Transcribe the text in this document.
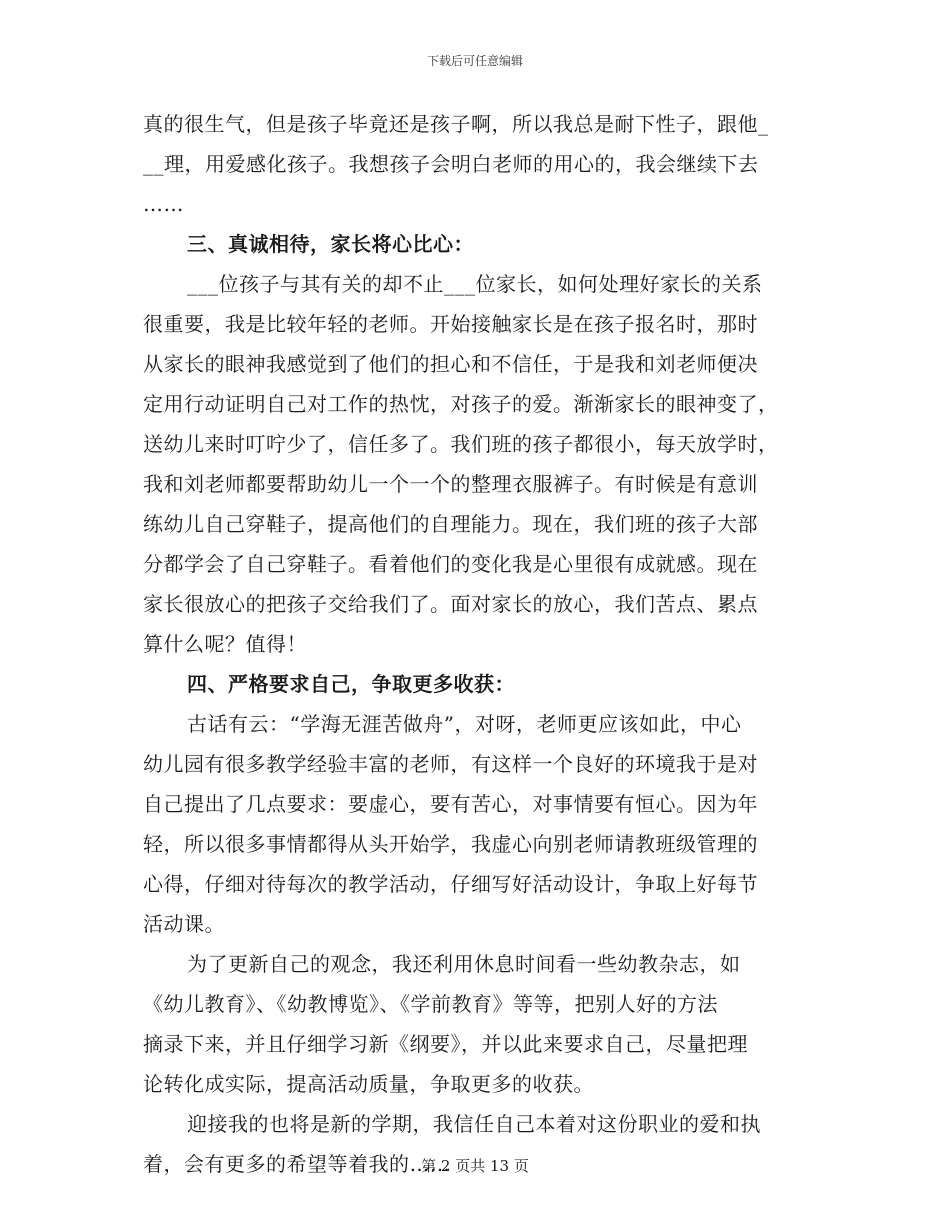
下载后可任意编辑
真的很生气，但是孩子毕竟还是孩子啊，所以我总是耐下性子，跟他_
__理，用爱感化孩子。我想孩子会明白老师的用心的，我会继续下去
……
三、真诚相待，家长将心比心：
___位孩子与其有关的却不止___位家长，如何处理好家长的关系
很重要，我是比较年轻的老师。开始接触家长是在孩子报名时，那时
从家长的眼神我感觉到了他们的担心和不信任，于是我和刘老师便决
定用行动证明自己对工作的热忱，对孩子的爱。渐渐家长的眼神变了，
送幼儿来时叮咛少了，信任多了。我们班的孩子都很小，每天放学时，
我和刘老师都要帮助幼儿一个一个的整理衣服裤子。有时候是有意训
练幼儿自己穿鞋子，提高他们的自理能力。现在，我们班的孩子大部
分都学会了自己穿鞋子。看着他们的变化我是心里很有成就感。现在
家长很放心的把孩子交给我们了。面对家长的放心，我们苦点、累点
算什么呢？值得！
四、严格要求自己，争取更多收获：
古话有云：“学海无涯苦做舟”，对呀，老师更应该如此，中心
幼儿园有很多教学经验丰富的老师，有这样一个良好的环境我于是对
自己提出了几点要求：要虚心，要有苦心，对事情要有恒心。因为年
轻，所以很多事情都得从头开始学，我虚心向别老师请教班级管理的
心得，仔细对待每次的教学活动，仔细写好活动设计，争取上好每节
活动课。
为了更新自己的观念，我还利用休息时间看一些幼教杂志，如
《幼儿教育》、《幼教博览》、《学前教育》等等，把别人好的方法
摘录下来，并且仔细学习新《纲要》，并以此来要求自己，尽量把理
论转化成实际，提高活动质量，争取更多的收获。
迎接我的也将是新的学期，我信任自己本着对这份职业的爱和执
着，会有更多的希望等着我的……
第 2 页共 13 页
